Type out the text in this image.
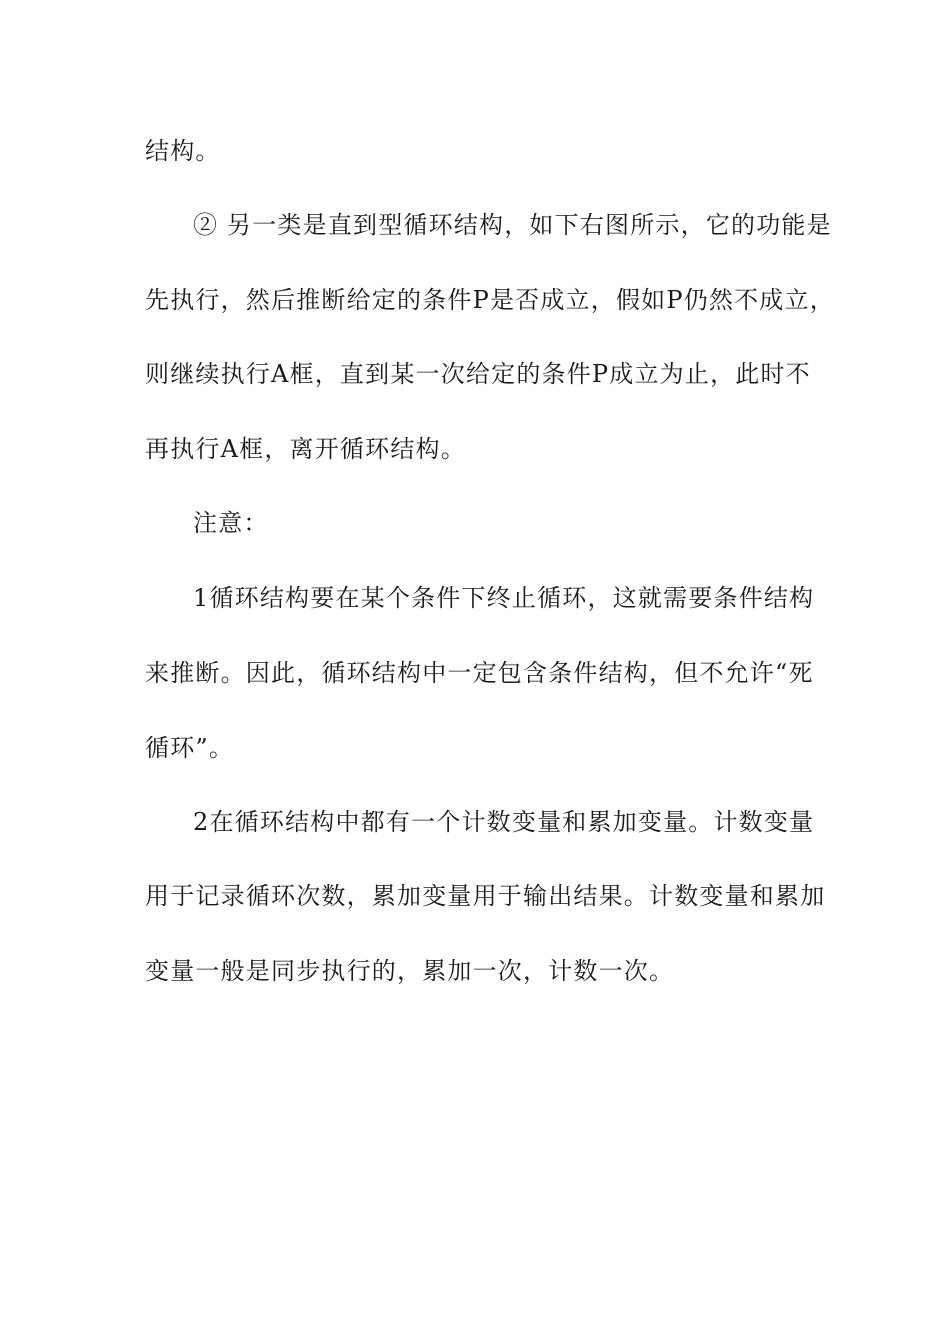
结构。
② 另一类是直到型循环结构，如下右图所示，它的功能是
先执行，然后推断给定的条件P是否成立，假如P仍然不成立，
则继续执行A框，直到某一次给定的条件P成立为止，此时不
再执行A框，离开循环结构。
注意：
1循环结构要在某个条件下终止循环，这就需要条件结构
来推断。因此，循环结构中一定包含条件结构，但不允许“死
循环”。
2在循环结构中都有一个计数变量和累加变量。计数变量
用于记录循环次数，累加变量用于输出结果。计数变量和累加
变量一般是同步执行的，累加一次，计数一次。
